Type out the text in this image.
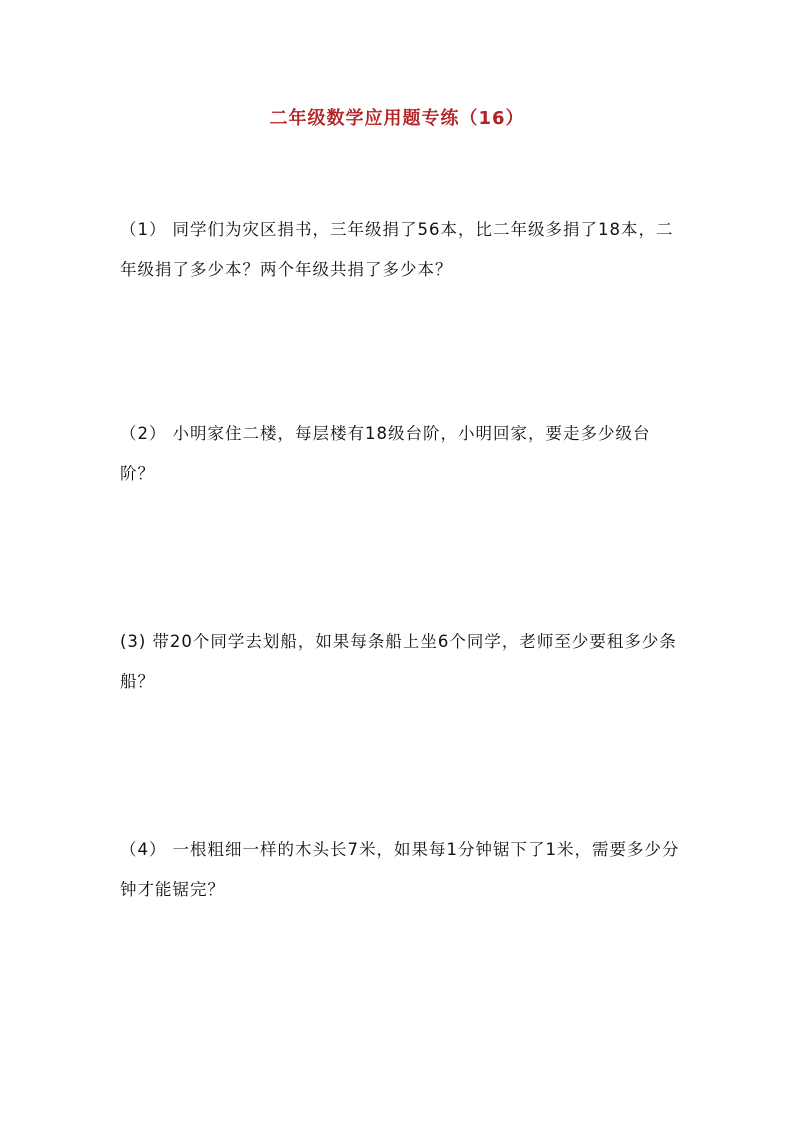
二年级数学应用题专练（16）

（1） 同学们为灾区捐书，三年级捐了56本，比二年级多捐了18本，二年级捐了多少本？两个年级共捐了多少本？

（2） 小明家住二楼，每层楼有18级台阶，小明回家，要走多少级台阶？

(3) 带20个同学去划船，如果每条船上坐6个同学，老师至少要租多少条船？

（4） 一根粗细一样的木头长7米，如果每1分钟锯下了1米，需要多少分钟才能锯完？
